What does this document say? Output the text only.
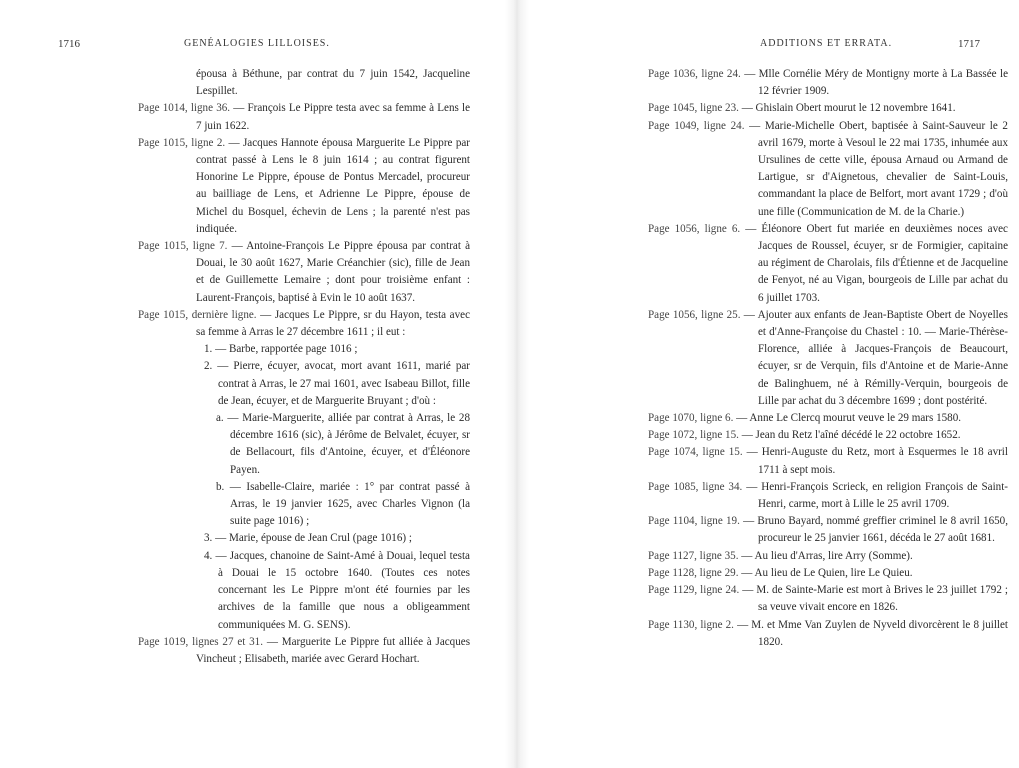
1716	GENÉALOGIES LILLOISES.
épousa à Béthune, par contrat du 7 juin 1542, Jacqueline Lespillet.
Page 1014, ligne 36. — François Le Pippre testa avec sa femme à Lens le 7 juin 1622.
Page 1015, ligne 2. — Jacques Hannote épousa Marguerite Le Pippre par contrat passé à Lens le 8 juin 1614 ; au contrat figurent Honorine Le Pippre, épouse de Pontus Mercadel, procureur au bailliage de Lens, et Adrienne Le Pippre, épouse de Michel du Bosquel, échevin de Lens ; la parenté n'est pas indiquée.
Page 1015, ligne 7. — Antoine-François Le Pippre épousa par contrat à Douai, le 30 août 1627, Marie Créanchier (sic), fille de Jean et de Guillemette Lemaire ; dont pour troisième enfant : Laurent-François, baptisé à Evin le 10 août 1637.
Page 1015, dernière ligne. — Jacques Le Pippre, sr du Hayon, testa avec sa femme à Arras le 27 décembre 1611 ; il eut :
1. — Barbe, rapportée page 1016 ;
2. — Pierre, écuyer, avocat, mort avant 1611, marié par contrat à Arras, le 27 mai 1601, avec Isabeau Billot, fille de Jean, écuyer, et de Marguerite Bruyant ; d'où :
a. — Marie-Marguerite, alliée par contrat à Arras, le 28 décembre 1616 (sic), à Jérôme de Belvalet, écuyer, sr de Bellacourt, fils d'Antoine, écuyer, et d'Éléonore Payen.
b. — Isabelle-Claire, mariée : 1° par contrat passé à Arras, le 19 janvier 1625, avec Charles Vignon (la suite page 1016) ;
3. — Marie, épouse de Jean Crul (page 1016) ;
4. — Jacques, chanoine de Saint-Amé à Douai, lequel testa à Douai le 15 octobre 1640. (Toutes ces notes concernant les Le Pippre m'ont été fournies par les archives de la famille que nous a obligeamment communiquées M. G. SENS).
Page 1019, lignes 27 et 31. — Marguerite Le Pippre fut alliée à Jacques Vincheut ; Elisabeth, mariée avec Gerard Hochart.
ADDITIONS ET ERRATA.	1717
Page 1036, ligne 24. — Mlle Cornélie Méry de Montigny morte à La Bassée le 12 février 1909.
Page 1045, ligne 23. — Ghislain Obert mourut le 12 novembre 1641.
Page 1049, ligne 24. — Marie-Michelle Obert, baptisée à Saint-Sauveur le 2 avril 1679, morte à Vesoul le 22 mai 1735, inhumée aux Ursulines de cette ville, épousa Arnaud ou Armand de Lartigue, sr d'Aignetous, chevalier de Saint-Louis, commandant la place de Belfort, mort avant 1729 ; d'où une fille (Communication de M. de la Charie.)
Page 1056, ligne 6. — Éléonore Obert fut mariée en deuxièmes noces avec Jacques de Roussel, écuyer, sr de Formigier, capitaine au régiment de Charolais, fils d'Étienne et de Jacqueline de Fenyot, né au Vigan, bourgeois de Lille par achat du 6 juillet 1703.
Page 1056, ligne 25. — Ajouter aux enfants de Jean-Baptiste Obert de Noyelles et d'Anne-Françoise du Chastel : 10. — Marie-Thérèse-Florence, alliée à Jacques-François de Beaucourt, écuyer, sr de Verquin, fils d'Antoine et de Marie-Anne de Balinghuem, né à Rémilly-Verquin, bourgeois de Lille par achat du 3 décembre 1699 ; dont postérité.
Page 1070, ligne 6. — Anne Le Clercq mourut veuve le 29 mars 1580.
Page 1072, ligne 15. — Jean du Retz l'aîné décédé le 22 octobre 1652.
Page 1074, ligne 15. — Henri-Auguste du Retz, mort à Esquermes le 18 avril 1711 à sept mois.
Page 1085, ligne 34. — Henri-François Scrieck, en religion François de Saint-Henri, carme, mort à Lille le 25 avril 1709.
Page 1104, ligne 19. — Bruno Bayard, nommé greffier criminel le 8 avril 1650, procureur le 25 janvier 1661, décéda le 27 août 1681.
Page 1127, ligne 35. — Au lieu d'Arras, lire Arry (Somme).
Page 1128, ligne 29. — Au lieu de Le Quien, lire Le Quieu.
Page 1129, ligne 24. — M. de Sainte-Marie est mort à Brives le 23 juillet 1792 ; sa veuve vivait encore en 1826.
Page 1130, ligne 2. — M. et Mme Van Zuylen de Nyveld divorcèrent le 8 juillet 1820.
